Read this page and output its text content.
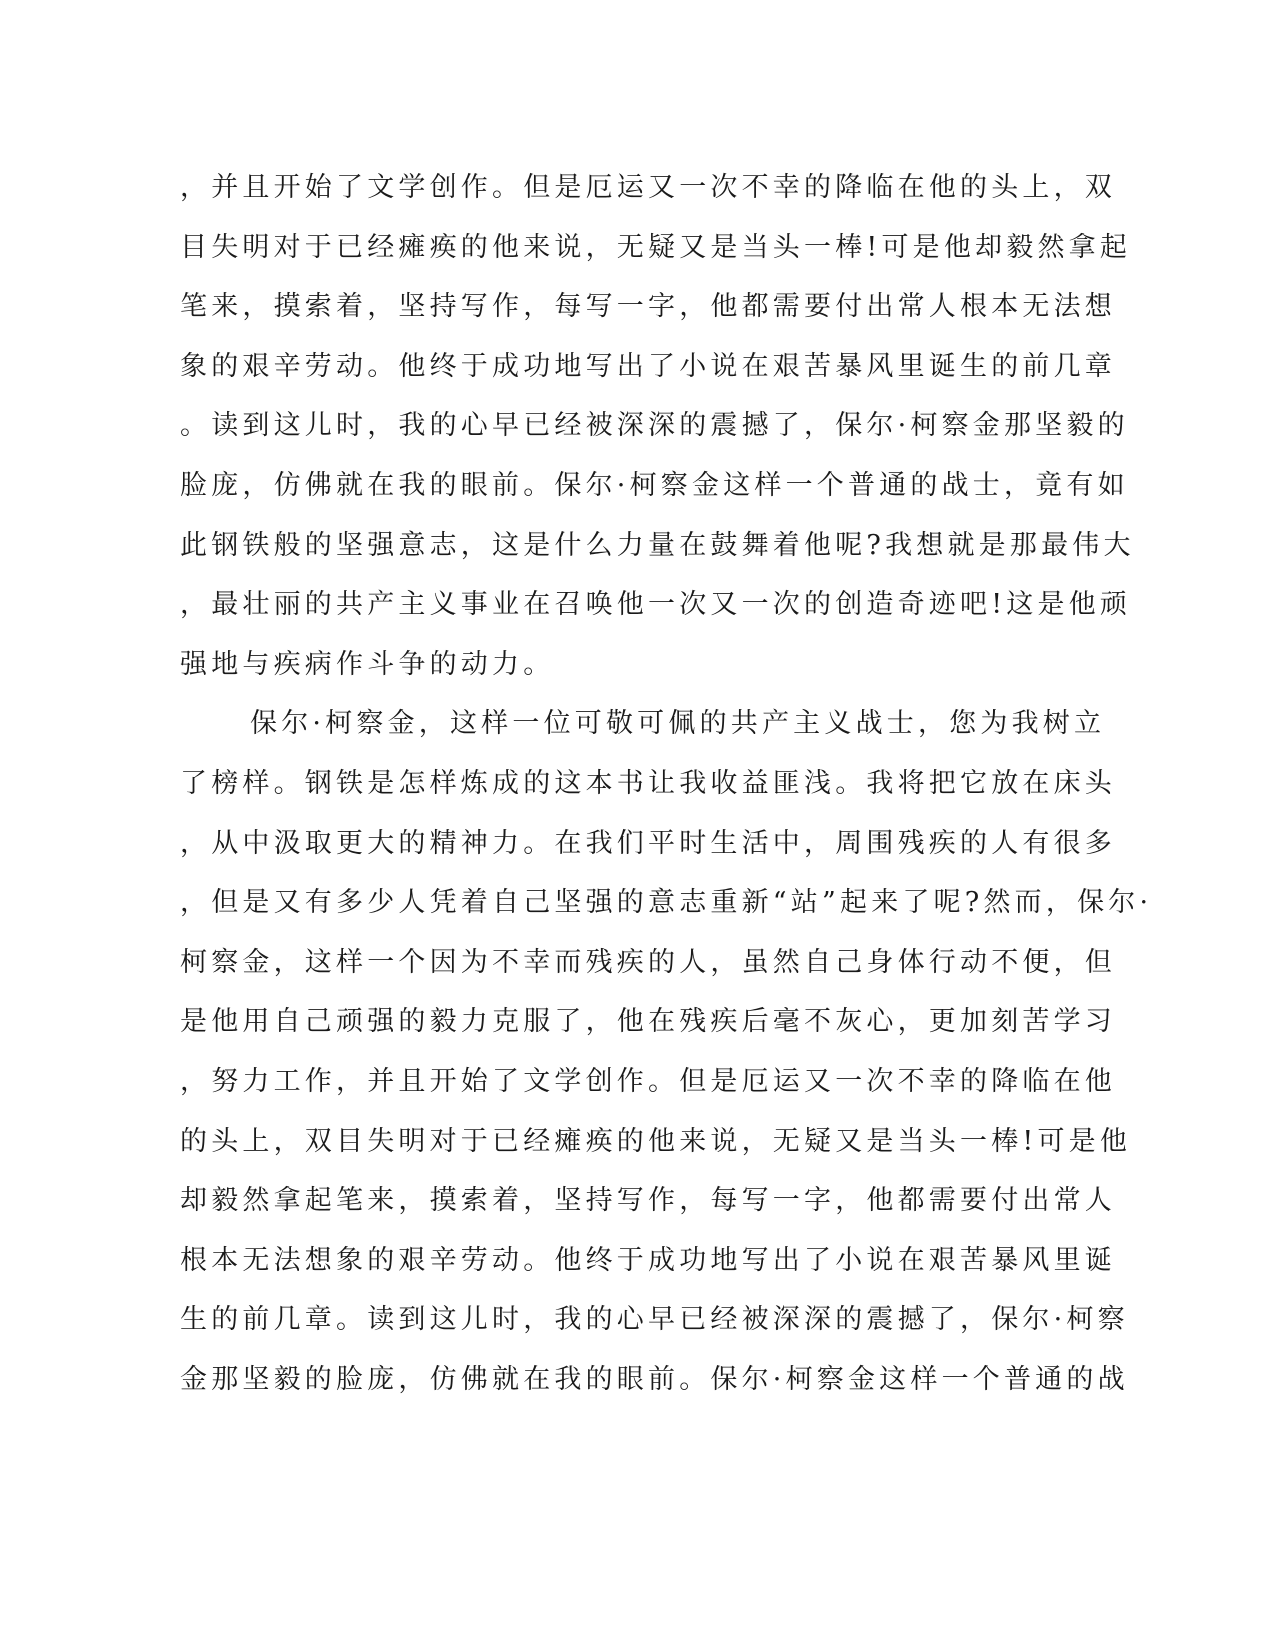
，并且开始了文学创作。但是厄运又一次不幸的降临在他的头上，双
目失明对于已经瘫痪的他来说，无疑又是当头一棒!可是他却毅然拿起
笔来，摸索着，坚持写作，每写一字，他都需要付出常人根本无法想
象的艰辛劳动。他终于成功地写出了小说在艰苦暴风里诞生的前几章
。读到这儿时，我的心早已经被深深的震撼了，保尔·柯察金那坚毅的
脸庞，仿佛就在我的眼前。保尔·柯察金这样一个普通的战士，竟有如
此钢铁般的坚强意志，这是什么力量在鼓舞着他呢?我想就是那最伟大
，最壮丽的共产主义事业在召唤他一次又一次的创造奇迹吧!这是他顽
强地与疾病作斗争的动力。
保尔·柯察金，这样一位可敬可佩的共产主义战士，您为我树立
了榜样。钢铁是怎样炼成的这本书让我收益匪浅。我将把它放在床头
，从中汲取更大的精神力。在我们平时生活中，周围残疾的人有很多
，但是又有多少人凭着自己坚强的意志重新“站”起来了呢?然而，保尔·
柯察金，这样一个因为不幸而残疾的人，虽然自己身体行动不便，但
是他用自己顽强的毅力克服了，他在残疾后毫不灰心，更加刻苦学习
，努力工作，并且开始了文学创作。但是厄运又一次不幸的降临在他
的头上，双目失明对于已经瘫痪的他来说，无疑又是当头一棒!可是他
却毅然拿起笔来，摸索着，坚持写作，每写一字，他都需要付出常人
根本无法想象的艰辛劳动。他终于成功地写出了小说在艰苦暴风里诞
生的前几章。读到这儿时，我的心早已经被深深的震撼了，保尔·柯察
金那坚毅的脸庞，仿佛就在我的眼前。保尔·柯察金这样一个普通的战
